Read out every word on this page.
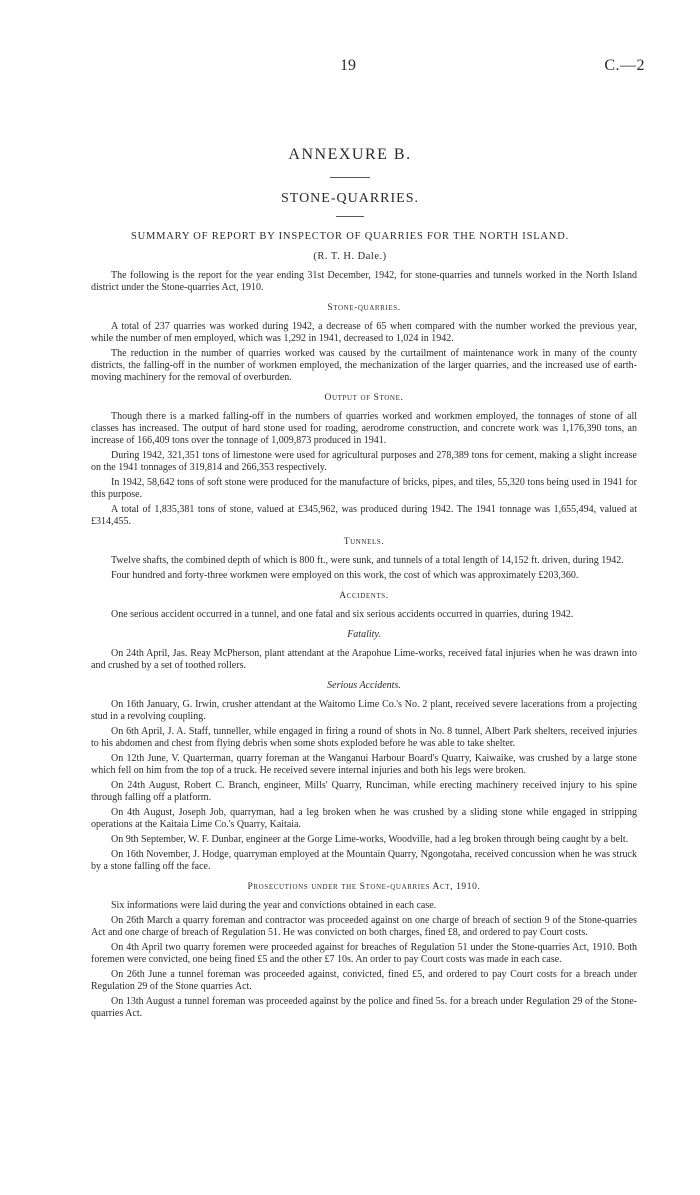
19	C.—2
ANNEXURE B.
STONE-QUARRIES.
SUMMARY OF REPORT BY INSPECTOR OF QUARRIES FOR THE NORTH ISLAND.
(R. T. H. Dale.)

The following is the report for the year ending 31st December, 1942, for stone-quarries and tunnels worked in the North Island district under the Stone-quarries Act, 1910.

Stone-quarries.

A total of 237 quarries was worked during 1942, a decrease of 65 when compared with the number worked the previous year, while the number of men employed, which was 1,292 in 1941, decreased to 1,024 in 1942.

The reduction in the number of quarries worked was caused by the curtailment of maintenance work in many of the county districts, the falling-off in the number of workmen employed, the mechanization of the larger quarries, and the increased use of earth-moving machinery for the removal of overburden.

Output of Stone.

Though there is a marked falling-off in the numbers of quarries worked and workmen employed, the tonnages of stone of all classes has increased. The output of hard stone used for roading, aerodrome construction, and concrete work was 1,176,390 tons, an increase of 166,409 tons over the tonnage of 1,009,873 produced in 1941.

During 1942, 321,351 tons of limestone were used for agricultural purposes and 278,389 tons for cement, making a slight increase on the 1941 tonnages of 319,814 and 266,353 respectively.

In 1942, 58,642 tons of soft stone were produced for the manufacture of bricks, pipes, and tiles, 55,320 tons being used in 1941 for this purpose.

A total of 1,835,381 tons of stone, valued at £345,962, was produced during 1942. The 1941 tonnage was 1,655,494, valued at £314,455.

Tunnels.

Twelve shafts, the combined depth of which is 800 ft., were sunk, and tunnels of a total length of 14,152 ft. driven, during 1942.

Four hundred and forty-three workmen were employed on this work, the cost of which was approximately £203,360.

Accidents.

One serious accident occurred in a tunnel, and one fatal and six serious accidents occurred in quarries, during 1942.

Fatality.

On 24th April, Jas. Reay McPherson, plant attendant at the Arapohue Lime-works, received fatal injuries when he was drawn into and crushed by a set of toothed rollers.

Serious Accidents.

On 16th January, G. Irwin, crusher attendant at the Waitomo Lime Co.'s No. 2 plant, received severe lacerations from a projecting stud in a revolving coupling.

On 6th April, J. A. Staff, tunneller, while engaged in firing a round of shots in No. 8 tunnel, Albert Park shelters, received injuries to his abdomen and chest from flying debris when some shots exploded before he was able to take shelter.

On 12th June, V. Quarterman, quarry foreman at the Wanganui Harbour Board's Quarry, Kaiwaike, was crushed by a large stone which fell on him from the top of a truck. He received severe internal injuries and both his legs were broken.

On 24th August, Robert C. Branch, engineer, Mills' Quarry, Runciman, while erecting machinery received injury to his spine through falling off a platform.

On 4th August, Joseph Job, quarryman, had a leg broken when he was crushed by a sliding stone while engaged in stripping operations at the Kaitaia Lime Co.'s Quarry, Kaitaia.

On 9th September, W. F. Dunbar, engineer at the Gorge Lime-works, Woodville, had a leg broken through being caught by a belt.

On 16th November, J. Hodge, quarryman employed at the Mountain Quarry, Ngongotaha, received concussion when he was struck by a stone falling off the face.

Prosecutions under the Stone-quarries Act, 1910.

Six informations were laid during the year and convictions obtained in each case.

On 26th March a quarry foreman and contractor was proceeded against on one charge of breach of section 9 of the Stone-quarries Act and one charge of breach of Regulation 51. He was convicted on both charges, fined £8, and ordered to pay Court costs.

On 4th April two quarry foremen were proceeded against for breaches of Regulation 51 under the Stone-quarries Act, 1910. Both foremen were convicted, one being fined £5 and the other £7 10s. An order to pay Court costs was made in each case.

On 26th June a tunnel foreman was proceeded against, convicted, fined £5, and ordered to pay Court costs for a breach under Regulation 29 of the Stone quarries Act.

On 13th August a tunnel foreman was proceeded against by the police and fined 5s. for a breach under Regulation 29 of the Stone-quarries Act.
